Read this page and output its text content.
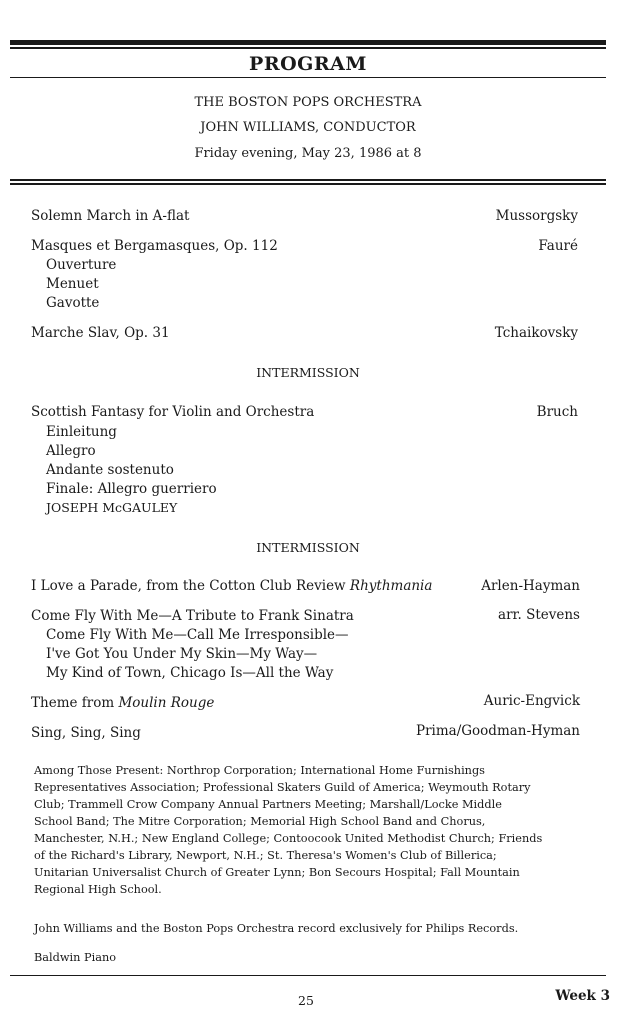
PROGRAM
THE BOSTON POPS ORCHESTRA
JOHN WILLIAMS, CONDUCTOR
Friday evening, May 23, 1986 at 8
Solemn March in A-flat	Mussorgsky
Masques et Bergamasques, Op. 112	Fauré
Ouverture
Menuet
Gavotte
Marche Slav, Op. 31	Tchaikovsky
INTERMISSION
Scottish Fantasy for Violin and Orchestra	Bruch
Einleitung
Allegro
Andante sostenuto
Finale: Allegro guerriero
JOSEPH McGAULEY
INTERMISSION
I Love a Parade, from the Cotton Club Review Rhythmania	Arlen-Hayman
Come Fly With Me—A Tribute to Frank Sinatra	arr. Stevens
Come Fly With Me—Call Me Irresponsible—
I've Got You Under My Skin—My Way—
My Kind of Town, Chicago Is—All the Way
Theme from Moulin Rouge	Auric-Engvick
Sing, Sing, Sing	Prima/Goodman-Hyman
Among Those Present: Northrop Corporation; International Home Furnishings
Representatives Association; Professional Skaters Guild of America; Weymouth Rotary
Club; Trammell Crow Company Annual Partners Meeting; Marshall/Locke Middle
School Band; The Mitre Corporation; Memorial High School Band and Chorus,
Manchester, N.H.; New England College; Contoocook United Methodist Church; Friends
of the Richard's Library, Newport, N.H.; St. Theresa's Women's Club of Billerica;
Unitarian Universalist Church of Greater Lynn; Bon Secours Hospital; Fall Mountain
Regional High School.
John Williams and the Boston Pops Orchestra record exclusively for Philips Records.
Baldwin Piano
25	Week 3
